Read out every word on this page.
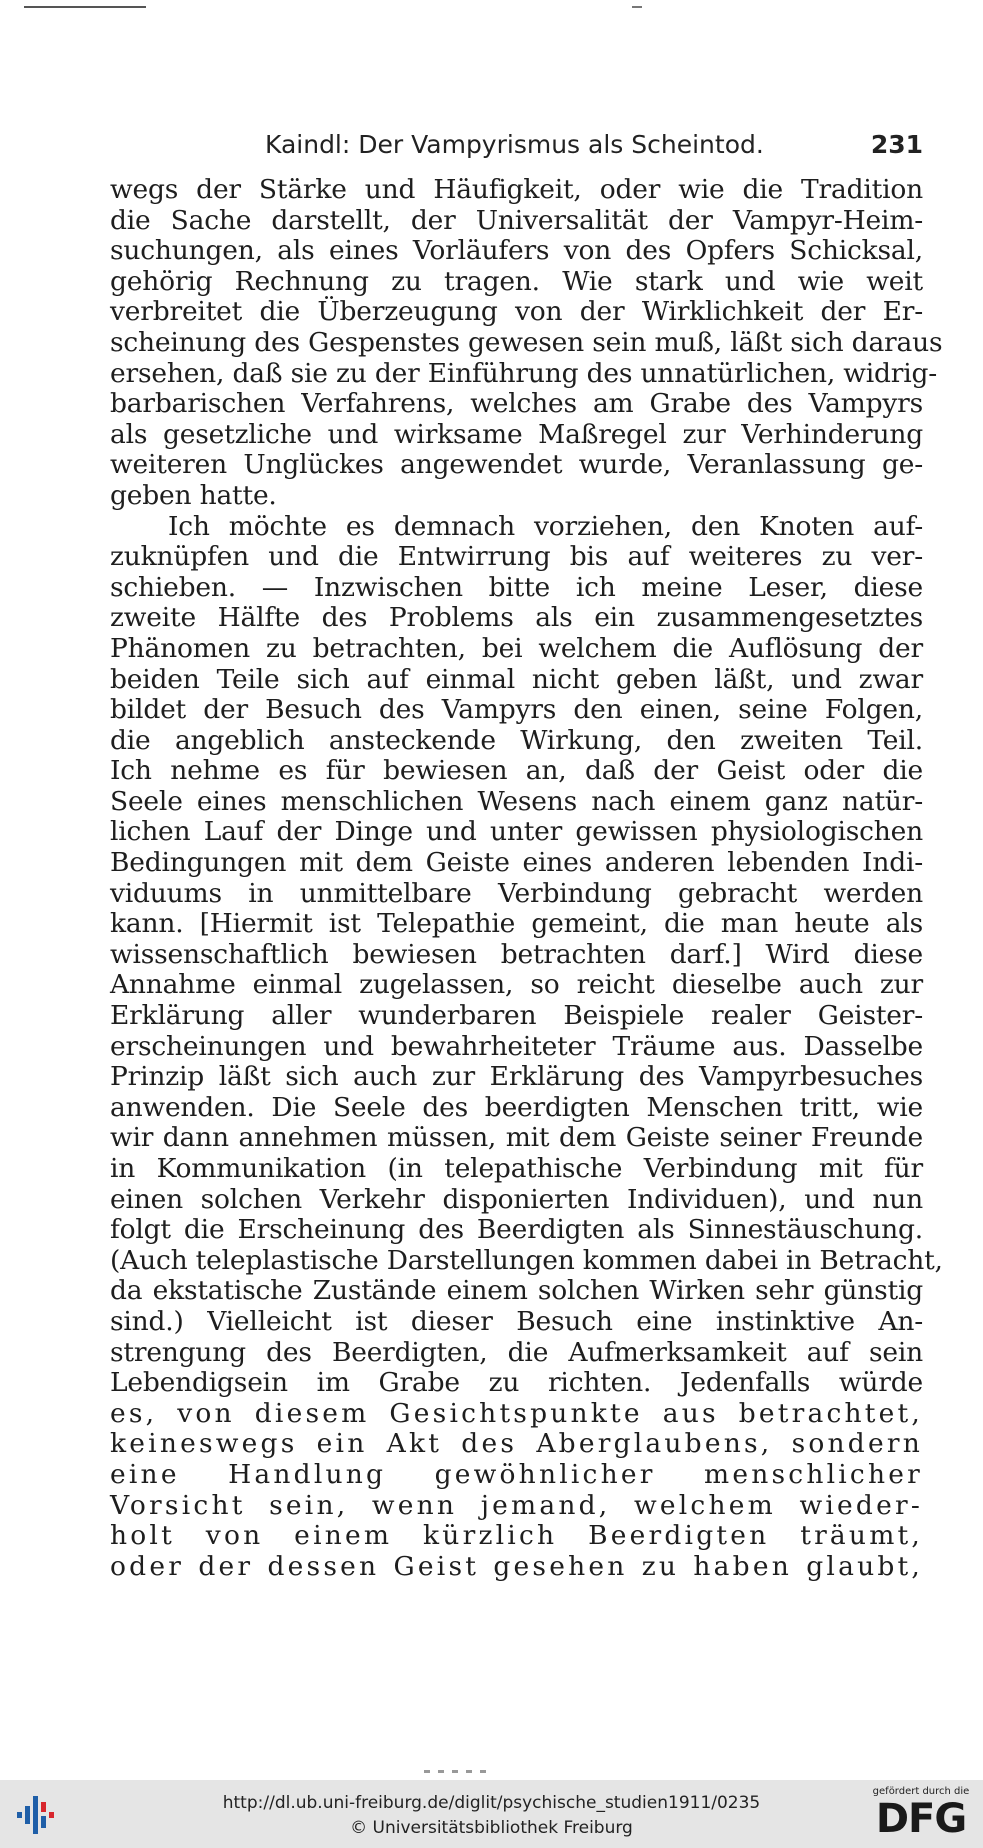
Kaindl: Der Vampyrismus als Scheintod.	231
wegs der Stärke und Häufigkeit, oder wie die Tradition
die Sache darstellt, der Universalität der Vampyr-Heim-
suchungen, als eines Vorläufers von des Opfers Schicksal,
gehörig Rechnung zu tragen. Wie stark und wie weit
verbreitet die Überzeugung von der Wirklichkeit der Er-
scheinung des Gespenstes gewesen sein muß, läßt sich daraus
ersehen, daß sie zu der Einführung des unnatürlichen, widrig-
barbarischen Verfahrens, welches am Grabe des Vampyrs
als gesetzliche und wirksame Maßregel zur Verhinderung
weiteren Unglückes angewendet wurde, Veranlassung ge-
geben hatte.
Ich möchte es demnach vorziehen, den Knoten auf-
zuknüpfen und die Entwirrung bis auf weiteres zu ver-
schieben. — Inzwischen bitte ich meine Leser, diese
zweite Hälfte des Problems als ein zusammengesetztes
Phänomen zu betrachten, bei welchem die Auflösung der
beiden Teile sich auf einmal nicht geben läßt, und zwar
bildet der Besuch des Vampyrs den einen, seine Folgen,
die angeblich ansteckende Wirkung, den zweiten Teil.
Ich nehme es für bewiesen an, daß der Geist oder die
Seele eines menschlichen Wesens nach einem ganz natür-
lichen Lauf der Dinge und unter gewissen physiologischen
Bedingungen mit dem Geiste eines anderen lebenden Indi-
viduums in unmittelbare Verbindung gebracht werden
kann. [Hiermit ist Telepathie gemeint, die man heute als
wissenschaftlich bewiesen betrachten darf.] Wird diese
Annahme einmal zugelassen, so reicht dieselbe auch zur
Erklärung aller wunderbaren Beispiele realer Geister-
erscheinungen und bewahrheiteter Träume aus. Dasselbe
Prinzip läßt sich auch zur Erklärung des Vampyrbesuches
anwenden. Die Seele des beerdigten Menschen tritt, wie
wir dann annehmen müssen, mit dem Geiste seiner Freunde
in Kommunikation (in telepathische Verbindung mit für
einen solchen Verkehr disponierten Individuen), und nun
folgt die Erscheinung des Beerdigten als Sinnestäuschung.
(Auch teleplastische Darstellungen kommen dabei in Betracht,
da ekstatische Zustände einem solchen Wirken sehr günstig
sind.) Vielleicht ist dieser Besuch eine instinktive An-
strengung des Beerdigten, die Aufmerksamkeit auf sein
Lebendigsein im Grabe zu richten. Jedenfalls würde
es, von diesem Gesichtspunkte aus betrachtet,
keineswegs ein Akt des Aberglaubens, sondern
eine Handlung gewöhnlicher menschlicher
Vorsicht sein, wenn jemand, welchem wieder-
holt von einem kürzlich Beerdigten träumt,
oder der dessen Geist gesehen zu haben glaubt,
http://dl.ub.uni-freiburg.de/diglit/psychische_studien1911/0235
© Universitätsbibliothek Freiburg
gefördert durch die
DFG
